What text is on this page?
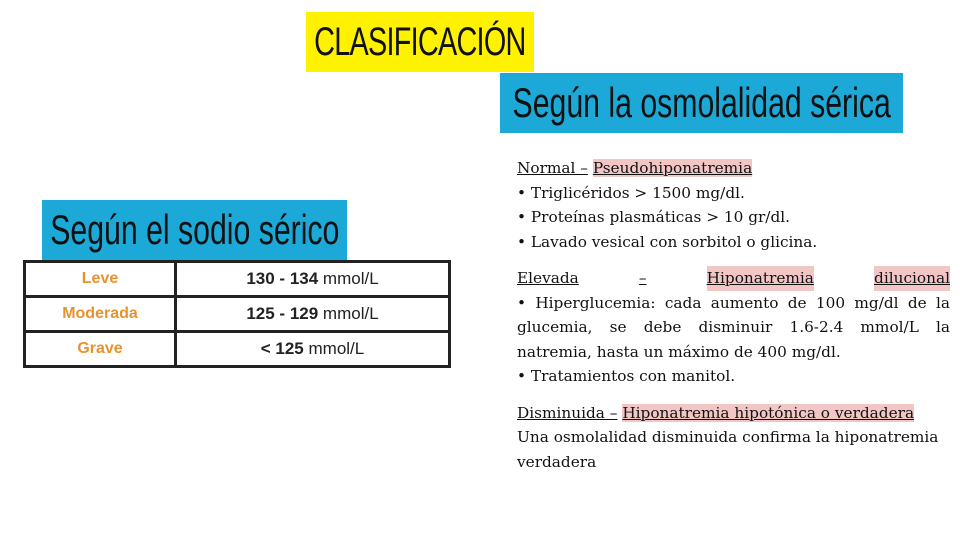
CLASIFICACIÓN
Según la osmolalidad sérica
Según el sodio sérico
Leve	130 - 134 mmol/L
Moderada	125 - 129 mmol/L
Grave	< 125 mmol/L
Normal – Pseudohiponatremia
• Triglicéridos > 1500 mg/dl.
• Proteínas plasmáticas > 10 gr/dl.
• Lavado vesical con sorbitol o glicina.
Elevada	–	Hiponatremia	dilucional
• Hiperglucemia: cada aumento de 100 mg/dl de la glucemia, se debe disminuir 1.6-2.4 mmol/L la natremia, hasta un máximo de 400 mg/dl.
• Tratamientos con manitol.
Disminuida – Hiponatremia hipotónica o verdadera
Una osmolalidad disminuida confirma la hiponatremia verdadera
